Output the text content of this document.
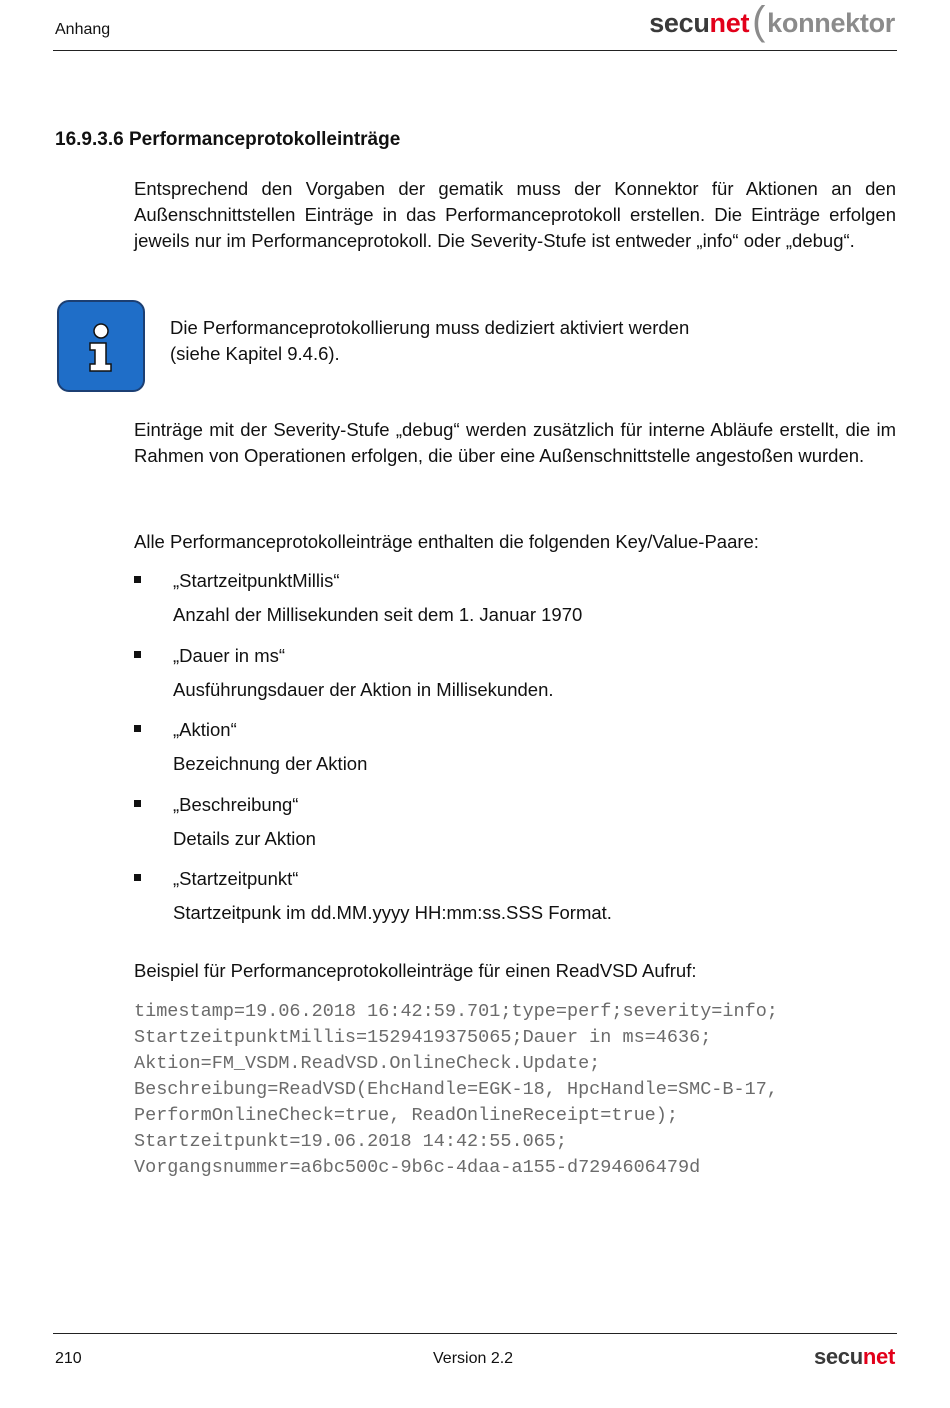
Anhang	secu net ( konnektor
16.9.3.6 Performanceprotokolleinträge

Entsprechend den Vorgaben der gematik muss der Konnektor für Aktionen an den Außenschnittstellen Einträge in das Performanceprotokoll erstellen. Die Einträge erfolgen jeweils nur im Performanceprotokoll. Die Severity-Stufe ist entweder „info“ oder „debug“.

Die Performanceprotokollierung muss dediziert aktiviert werden
(siehe Kapitel 9.4.6).

Einträge mit der Severity-Stufe „debug“ werden zusätzlich für interne Abläufe erstellt, die im Rahmen von Operationen erfolgen, die über eine Außenschnittstelle angestoßen wurden.

Alle Performanceprotokolleinträge enthalten die folgenden Key/Value-Paare:

„StartzeitpunktMillis“
Anzahl der Millisekunden seit dem 1. Januar 1970
„Dauer in ms“
Ausführungsdauer der Aktion in Millisekunden.
„Aktion“
Bezeichnung der Aktion
„Beschreibung“
Details zur Aktion
„Startzeitpunkt“
Startzeitpunk im dd.MM.yyyy HH:mm:ss.SSS Format.

Beispiel für Performanceprotokolleinträge für einen ReadVSD Aufruf:

timestamp=19.06.2018 16:42:59.701;type=perf;severity=info;
StartzeitpunktMillis=1529419375065;Dauer in ms=4636;
Aktion=FM_VSDM.ReadVSD.OnlineCheck.Update;
Beschreibung=ReadVSD(EhcHandle=EGK-18, HpcHandle=SMC-B-17,
PerformOnlineCheck=true, ReadOnlineReceipt=true);
Startzeitpunkt=19.06.2018 14:42:55.065;
Vorgangsnummer=a6bc500c-9b6c-4daa-a155-d7294606479d
210	Version 2.2	secunet
